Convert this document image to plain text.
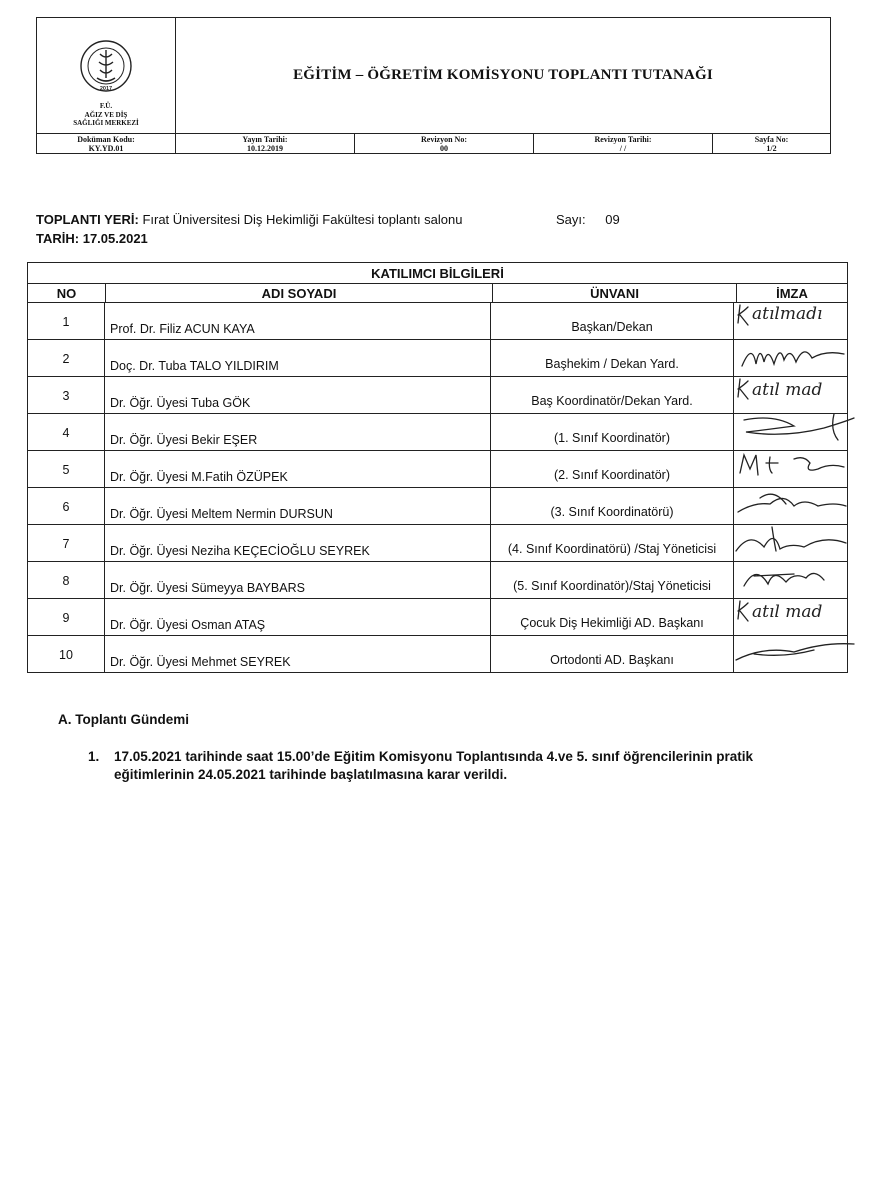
2017
F.Ü.
AĞIZ VE DİŞ
SAĞLIĞI MERKEZİ
EĞİTİM – ÖĞRETİM KOMİSYONU TOPLANTI TUTANAĞI
Doküman Kodu:
KY.YD.01
Yayın Tarihi:
10.12.2019
Revizyon No:
00
Revizyon Tarihi:
/ /
Sayfa No:
1/2
TOPLANTI YERİ: Fırat Üniversitesi Diş Hekimliği Fakültesi toplantı salonu	Sayı: 09
TARİH: 17.05.2021
KATILIMCI BİLGİLERİ
NO	ADI SOYADI	ÜNVANI	İMZA
1	Prof. Dr. Filiz ACUN KAYA	Başkan/Dekan
atılmadı
2	Doç. Dr. Tuba TALO YILDIRIM	Başhekim / Dekan Yard.
3	Dr. Öğr. Üyesi Tuba GÖK	Baş Koordinatör/Dekan Yard.
atıl mad
4	Dr. Öğr. Üyesi Bekir EŞER	(1. Sınıf Koordinatör)
5	Dr. Öğr. Üyesi M.Fatih ÖZÜPEK	(2. Sınıf Koordinatör)
6	Dr. Öğr. Üyesi Meltem Nermin DURSUN	(3. Sınıf Koordinatörü)
7	Dr. Öğr. Üyesi Neziha KEÇECİOĞLU SEYREK	(4. Sınıf Koordinatörü) /Staj Yöneticisi
8	Dr. Öğr. Üyesi Sümeyya BAYBARS	(5. Sınıf Koordinatör)/Staj Yöneticisi
9	Dr. Öğr. Üyesi Osman ATAŞ	Çocuk Diş Hekimliği AD. Başkanı
atıl mad
10	Dr. Öğr. Üyesi Mehmet SEYREK	Ortodonti AD. Başkanı
A. Toplantı Gündemi
1.	17.05.2021 tarihinde saat 15.00’de Eğitim Komisyonu Toplantısında 4.ve 5. sınıf öğrencilerinin pratik eğitimlerinin 24.05.2021 tarihinde başlatılmasına karar verildi.
